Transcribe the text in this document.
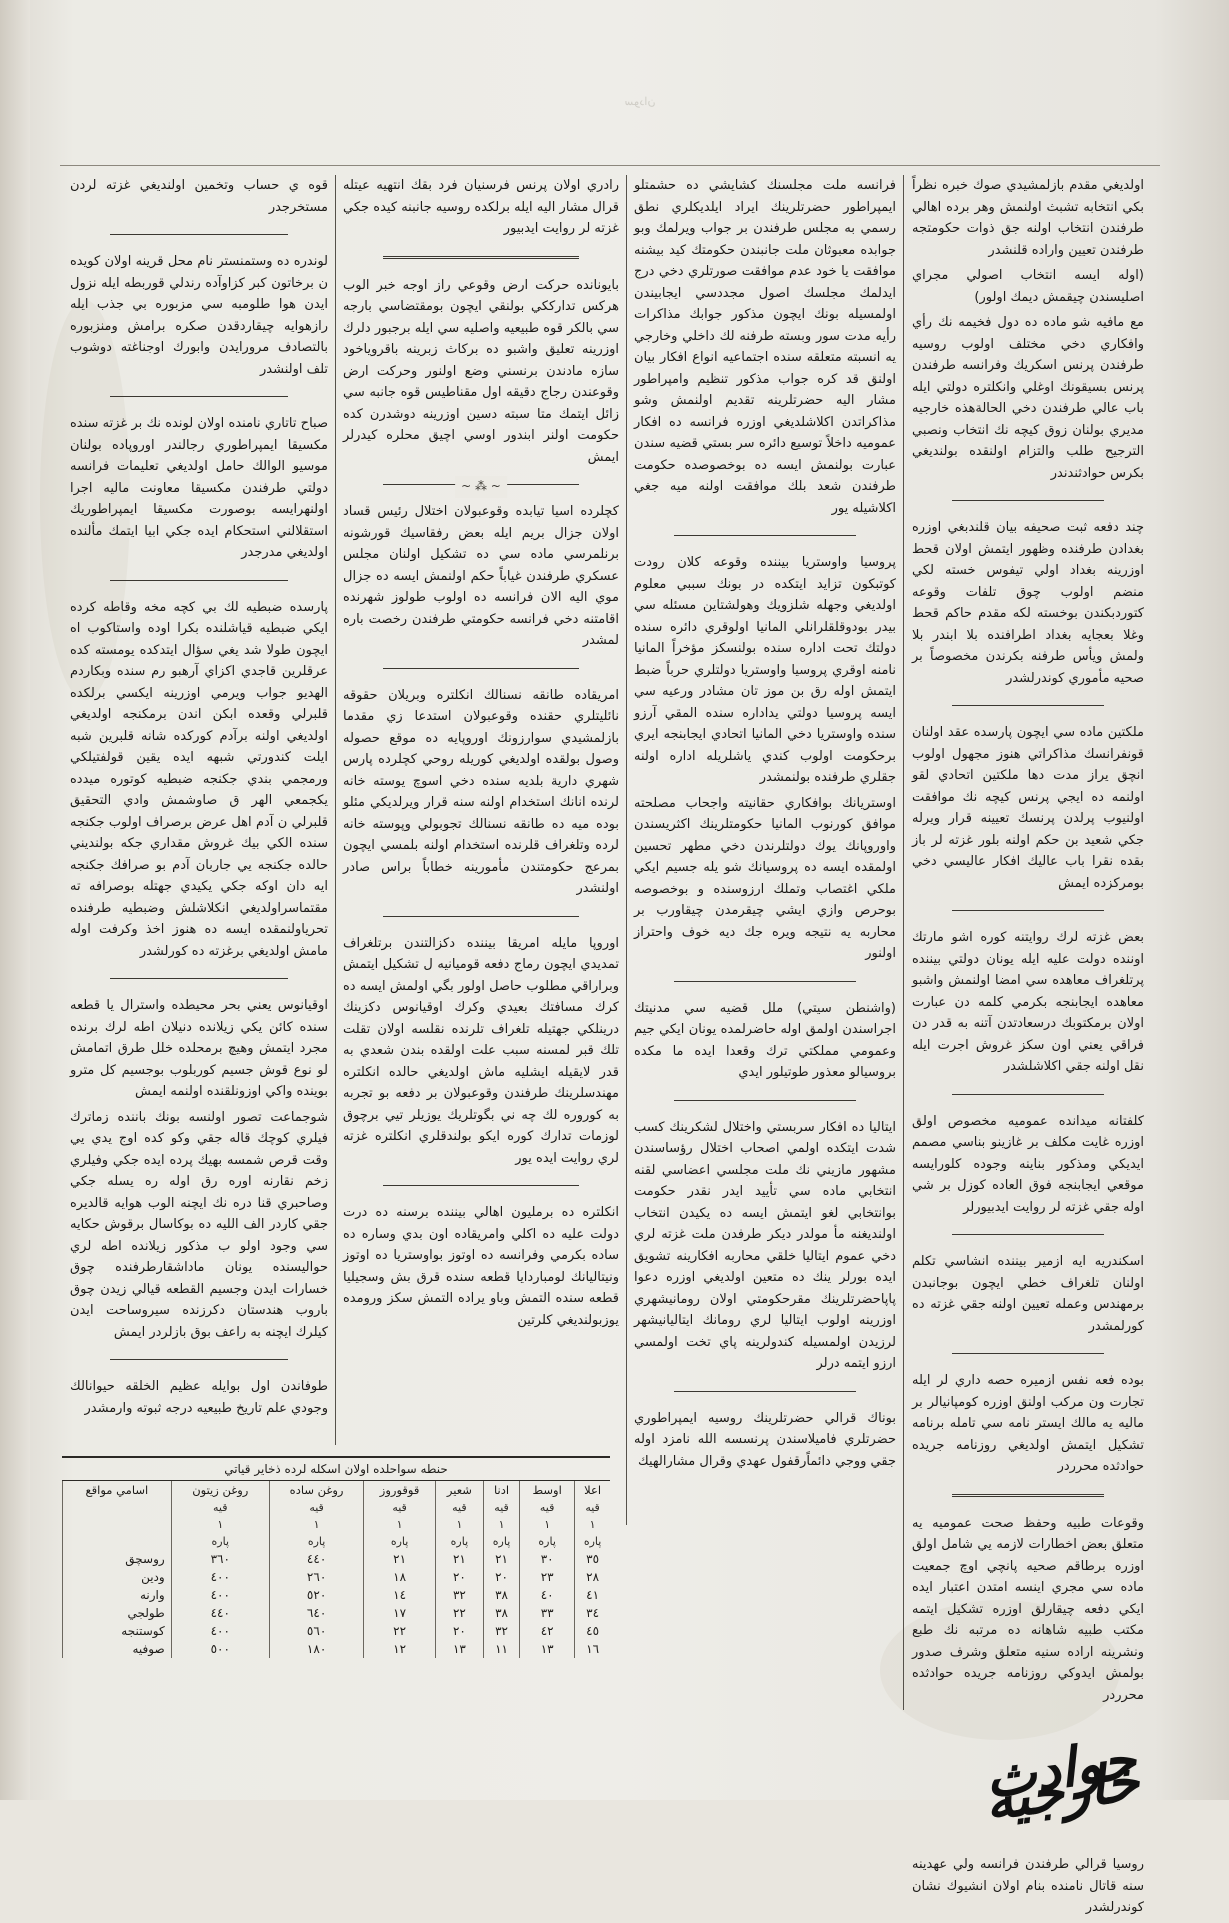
سودان

اولديغي مقدم بازلمشيدي صوك خبره نظراً بكي انتخابه تشبث اولنمش وهر برده اهالي طرفندن انتخاب اولنه جق ذوات حكومتجه طرفندن تعيين واراده قلنشدر

(اوله ايسه انتخاب اصولي مجراي اصليسندن چيقمش ديمك اولور)

مع مافيه شو ماده ده دول فخيمه نك رأي وافكاري دخي مختلف اولوب روسيه طرفندن پرنس اسكريك وفرانسه طرفندن پرنس بسيقونك اوغلي وانكلتره دولتي ايله باب عالي طرفندن دخي الحالةهذه خارجيه مديري بولنان زوق كيچه نك انتخاب ونصبي الترجيح طلب والتزام اولنقده بولنديغي بكرس حوادثندندر

چند دفعه ثبت صحيفه بيان قلندبغي اوزره بغدادن طرفنده وظهور ايتمش اولان قحط اوزرينه بغداد اولي تيفوس خسته لكي منضم اولوب چوق تلفات وقوعه كتوردبكندن بوخسته لكه مقدم حاكم قحط وغلا بعجايه بغداد اطرافنده بلا ابندر بلا ولمش ويأس طرفنه بكرندن مخصوصاً بر صحيه مأموري كوندرلشدر

ملكتين ماده سي ايچون پارسده عقد اولنان قونفرانسك مذاكراتي هنوز مجهول اولوب انچق يراز مدت دها ملكتين اتحادي لقو اولنمه ده ايجي پرنس كيچه نك موافقت اولنيوب پرلدن پرنسك تعيينه قرار ويرله جكي شعيد بن حكم اولنه بلور غزته لر باز بقده نقرا باب عاليك افكار عاليسي دخي بومركزده ايمش

بعض غزته لرك روايتنه كوره اشو مارتك اوننده دولت عليه ايله يونان دولتي بيننده پرتلغراف معاهده سي امضا اولنمش واشبو معاهده ايجابنجه بكرمي كلمه دن عبارت اولان برمكتوبك درسعادتدن آتنه به قدر دن فراقي يعني اون سكز غروش اجرت ايله نقل اولنه جقي اكلاشلشدر

كلفتانه ميدانده عموميه مخصوص اولق اوزره غايت مكلف بر غازينو بناسي مصمم ايديكي ومذكور بناينه وجوده كلورايسه موقعي ايجابنجه فوق العاده كوزل بر شي اوله جقي غزته لر روايت ايدبيورلر

اسكندريه ايه ازمير بيننده انشاسي تكلم اولنان تلغراف خطي ايچون بوجانبدن برمهندس وعمله تعيين اولنه جقي غزته ده كورلمشدر

بوده فعه نفس ازميره حصه داري لر ايله تجارت ون مركب اولنق اوزره كومپانيالر بر ماليه يه مالك ايستر نامه سي تامله برنامه تشكيل ايتمش اولديغي روزنامه جريده حوادثده محرردر

وقوعات طبيه وحفظ صحت عموميه يه متعلق بعض اخطارات لازمه يي شامل اولق اوزره برطاقم صحيه پانچي اوچ جمعيت ماده سي مجري اينسه امتدن اعتبار ايده ايكي دفعه چيقارلق اوزره تشكيل ايتمه مكتب طبيه شاهانه ده مرتبه نك طبع ونشرينه اراده سنيه متعلق وشرف صدور بولمش ايدوكي روزنامه جريده حوادثده محرردر

حوادث خارجيه

روسيا قرالي طرفندن فرانسه ولي عهدينه سنه قاتال نامنده بنام اولان انشيوك نشان كوندرلشدر

فرانسه ملت مجلسنك كشايشي ده حشمتلو ايمپراطور حضرتلرينك ايراد ايلديكلري نطق رسمي به مجلس طرفندن بر جواب ويرلمك وبو جوابده معبوثان ملت جانبندن حكومتك كيد بيشنه موافقت يا خود عدم موافقت صورتلري دخي درج ايدلمك مجلسك اصول مجددسي ايجابيندن اولمسيله بونك ايچون مذكور جوابك مذاكرات رأيه مدت سور وبسته طرفنه لك داخلي وخارجي يه انسبته متعلقه سنده اجتماعيه انواع افكار بيان اولنق قد كره جواب مذكور تنظيم وامپراطور مشار اليه حضرتلرينه تقديم اولنمش وشو مذاكراتدن اكلاشلديغي اوزره فرانسه ده افكار عموميه داخلاً توسيع دائره سر بستي قضيه سندن عبارت بولنمش ايسه ده بوخصوصده حكومت طرفندن شعد بلك موافقت اولنه ميه جغي اكلاشيله يور

پروسيا واوستريا بيننده وقوعه كلان رودت كوتبكون تزايد ايتكده در بونك سببي معلوم اولديغي وجهله شلزويك وهولشتاين مسئله سي بيدر بودوقلقلرانلي المانيا اولوقري دائره سنده دولتك تحت اداره سنده بولنسكز مؤخراً المانيا نامنه اوقري پروسيا واوستريا دولتلري حرباً ضبط ايتمش اوله رق بن موز تان مشادر ورعيه سي ايسه پروسيا دولتي يداداره سنده المقي آرزو سنده واوستريا دخي المانيا اتحادي ايجابنجه ايري برحكومت اولوب كندي ياشلريله اداره اولنه جقلري طرفنده بولنمشدر

اوستريانك بوافكاري حقانيته واجحاب مصلحته موافق كورنوب المانيا حكومتلرينك اكثريسندن واوروپانك يوك دولتلرندن دخي مطهر تحسين اولمقده ايسه ده پروسيانك شو يله جسيم ايكي ملكي اغتصاب وتملك ارزوسنده و بوخصوصه بوحرص وازي ايشي چيقرمدن چيقاورب بر محاربه يه نتيجه ويره جك ديه خوف واحتراز اولنور

(واشنطن سيتي) ملل قضيه سي مدنيتك اجراسندن اولمق اوله حاضرلمده يونان ايكي جيم وعمومي مملكتي ترك وقعدا ايده ما مكده بروسيالو معذور طوتيلور ايدي

ايتاليا ده افكار سربستي واختلال لشكرينك كسب شدت ايتكده اولمي اصحاب اختلال رؤساسندن مشهور مازيني نك ملت مجلسي اعضاسي لقنه انتخابي ماده سي تأييد ايدر نقدر حكومت بوانتخابي لغو ايتمش ايسه ده يكيدن انتخاب اولنديغنه مأ مولدر ديكر طرفدن ملت غزته لري دخي عموم ايتاليا خلقي محاربه افكارينه تشويق ايده بورلر ينك ده متعين اولديغي اوزره دعوا پاپاحضرتلرينك مقرحكومتي اولان رومانيشهري اوزرينه اولوب ايتاليا لري رومانك ايتاليانيشهر لرزيدن اولمسيله كندولرينه پاي تخت اولمسي ارزو ايتمه درلر

بوناك قرالي حضرتلرينك روسيه ايمپراطوري حضرتلري فاميلاسندن پرنسسه الله نامزد اوله جقي ووجي دائماًرقفول عهدي وقرال مشارالهيك

رادري اولان پرنس فرسنيان فرد بقك انتهيه عيتله قرال مشار اليه ايله برلكده روسيه جانبنه كيده جكي غزته لر روايت ايدبيور

بايونانده حركت ارض وقوعي راز اوجه خبر الوب هركس تدارككي بولنقي ايچون بومقتضاسي بارجه سي بالكر قوه طبيعيه واصليه سي ايله برجبور دلرك اوزرينه تعليق واشبو ده بركاث زبرينه باقروياخود سازه مادندن برنسني وضع اولنور وحركت ارض وقوعندن رجاج دقيقه اول مقناطيس قوه جانبه سي زائل ايتمك متا سبته دسين اوزرينه دوشدرن كده حكومت اولنر ابندور اوسي اچيق محلره كيدرلر ايمش

~ ⁂ ~

كچلرده اسيا تيابده وقوعبولان اختلال رئيس قساد اولان جزال بريم ايله بعض رفقاسيك قورشونه برنلمرسي ماده سي ده تشكيل اولنان مجلس عسكري طرفندن غياباً حكم اولنمش ايسه ده جزال موي اليه الان فرانسه ده اولوب طولوز شهرنده اقامتنه دخي فرانسه حكومتي طرفندن رخصت باره لمشدر

امريقاده طانقه نسنالك انكلتره وبريلان حقوقه نائليتلري حقنده وقوعبولان استدعا زي مقدما بازلمشيدي سوارزونك اوروپايه ده موقع حصوله وصول بولقده اولديغي كوريله روحي كچلرده پارس شهري دارية بلديه سنده دخي اسوچ يوسته خانه لرنده انانك استخدام اولنه سنه قرار ويرلديكي مئلو بوده ميه ده طانقه نسنالك تجوبولي وپوسته خانه لرده وتلغراف قلرنده استخدام اولنه بلمسي ايچون بمرعج حكومتندن مأمورينه خطاباً براس صادر اولنشدر

اوروپا مايله امريقا بيننده دكزالتندن برتلغراف تمديدي ايچون رماج دفعه قوميانيه ل تشكيل ايتمش وبراراقي مطلوب حاصل اولور بگي اولمش ايسه ده كرك مسافتك بعيدي وكرك اوقيانوس دكزينك درينلكي جهتيله تلغراف تلرنده نقلسه اولان تقلت تلك قبر لمسنه سبب علت اولقده بندن شعدي به قدر لايقيله ايشليه ماش اولديغي حالده انكلتره مهندسلرينك طرفندن وقوعبولان بر دفعه بو تجربه به كوروره لك چه ني بگوتلريك يوزيلر تيي برچوق لوزمات تدارك كوره ايكو بولندقلري انكلتره غزته لري روايت ايده يور

انكلتره ده برمليون اهالي بيننده برسنه ده درت دولت عليه ده اكلي وامريقاده اون بدي وساره ده ساده بكرمي وفرانسه ده اوتوز بواوستريا ده اوتوز ونيتاليانك لومباردايا قطعه سنده قرق بش وسجيليا قطعه سنده التمش وباو يراده التمش سكز ورومده يوزبولنديغي كلرتين

قوه ي حساب وتخمين اولنديغي غزته لردن مستخرجدر

لوندره ده وستمنستر نام محل قرينه اولان كويده ن برخاتون كبر كزاوآده رندلي قوربطه ايله نزول ايدن هوا طلومبه سي مزبوره بي جذب ايله رازهوايه چيقاردقدن صكره برامش ومنزبوره بالتصادف مرورايدن وابورك اوجناغته دوشوب تلف اولنشدر

صباح تاتاري نامنده اولان لونده نك بر غزته سنده مكسيقا ايمپراطوري رجالندر اوروپاده بولنان موسيو الوالك حامل اولديغي تعليمات فرانسه دولتي طرفندن مكسيقا معاونت ماليه اجرا اولنهرايسه بوصورت مكسيقا ايمپراطوريك استقلالني استحكام ايده جكي ابيا ايتمك مألنده اولديغي مدرجدر

پارسده ضبطيه لك بي كچه مخه وقاطه كرده ايكي ضبطيه قياشلنده بكرا اوده واستاكوب اه ايچون طولا شد يغي سؤال ايتدكده يومسته كده عرقلرين قاجدي اكزاي آرهبو رم سنده وبكاردم الهديو جواب ويرمي اوزرينه ايكسي برلكده قلبرلي وقعده ابكن اندن برمكنجه اولديغي اولديغي اولنه برآدم كوركده شانه قلبرين شبه ايلت كندورتي شبهه ايده يقين قولفتيلكي ورمجمي بندي جكنجه ضبطيه كوتوره ميدده يكجمعي الهر ق صاوشمش وادي التحقيق قلبرلي ن آدم اهل عرض برصراف اولوب جكنجه سنده الكي بيك غروش مقداري جكه بولنديني حالده جكنجه يي جاربان آدم بو صرافك جكنجه ايه دان اوكه جكي يكيدي جهتله بوصرافه ته مقتماسراولديغي انكلاشلش وضبطيه طرفنده تحرياولنمقده ايسه ده هنوز اخذ وكرفت اوله مامش اولديغي برغزته ده كورلشدر

اوقيانوس يعني بحر محيطده واسترال يا قطعه سنده كائن يكي زيلانده دنيلان اطه لرك برنده مجرد ايتمش وهيچ برمحلده خلل طرق اتمامش لو نوع قوش جسيم كوربلوب بوجسيم كل مترو بوينده واكي اوزونلقنده اولنمه ايمش

شوجماعت تصور اولنسه بونك باننده زماترك فيلري كوچك قاله جقي وكو كده اوج يدي يي وقت قرص شمسه بهيك پرده ايده جكي وفيلري زخم نقارنه اوره رق اوله ره يسله جكي وصاحبري قنا دره نك ايچنه الوب هوايه قالديره جقي كاردر الف الليه ده بوكاسال برقوش حكايه سي وجود اولو ب مذكور زيلانده اطه لري حواليسنده يونان ماداشقارطرفنده چوق خسارات ايدن وجسيم القطعه قيالي زيدن چوق باروب هندستان دكرزنده سيروساحت ايدن كيلرك ايچنه به راعف بوق بازلردر ايمش

طوفاندن اول بوايله عظيم الخلقه حيوانالك وجودي علم تاريخ طبيعيه درجه ثبوته وارمشدر

حنطه سواحلده اولان اسكله لرده ذخاير قياتي
اعلا	اوسط	ادنا	شعير	قوقوروز	روغن ساده	روغن زيتون	اسامي مواقع
قيه	قيه	قيه	قيه	قيه	قيه	قيه	
١	١	١	١	١	١	١	
پاره	پاره	پاره	پاره	پاره	پاره	پاره	
٣٥	٣٠	٢١	٢١	٢١	٤٤٠	٣٦٠	روسچق
٢٨	٢٣	٢٠	٢٠	١٨	٢٦٠	٤٠٠	ودين
٤١	٤٠	٣٨	٣٢	١٤	٥٢٠	٤٠٠	وارنه
٣٤	٣٣	٣٨	٢٢	١٧	٦٤٠	٤٤٠	طولجي
٤٥	٤٢	٣٢	٢٠	٢٢	٥٦٠	٤٠٠	كوستنجه
١٦	١٣	١١	١٣	١٢	١٨٠	٥٠٠	صوفيه
